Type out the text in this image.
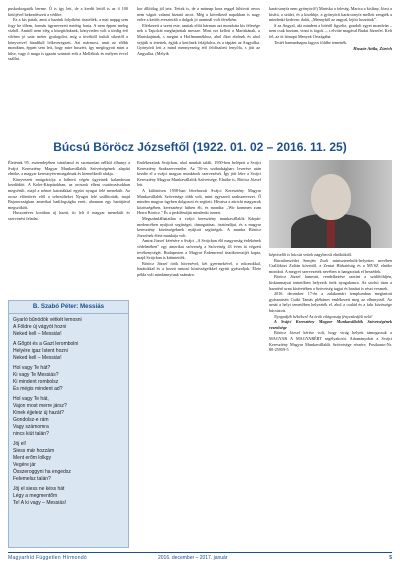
puskodozgatók berme. Ö is így lett, de a kredit lettől is az ő 100 kötöjével bekezdészett a védőre.

Ez a kis patak, amit a hazánk folyóként tisztelték, a mai nappg sem fogy be tőlem, formás ügynevezett medrig fonta. A nem éppen meleg vízből. Amitől nem elég a kisegítőnknek, könyveden volt a tördig érő vőrben jó száz méter gyalogolni, míg a tövéktől indult sikertől a könyveivel fáradtból lelkeceregzett. Azt mármost, amit az előbb mondtam, éppen sem lett, hogy mire huszért, így megfogyott mint a hűse, vagy ő maga is igazán szántott erőt a Mellékisk és mélyen évvel szállni.

kor állítólag jól tetz. Tettek is, de a másnap kora reggel kihívott orvos nem vágott valami biztató arcot. Még a következő napokban is nagy erőre a kettős ereszterált a dolgok jó urantnál volt férsékém.

Elérkezett a szent este, amitak előtt hárman azt mondotta kis félesége nek a Tapolcát meghajtottak messze. Most ezt kellett a Mariskának, a Mariskajúnak, s megint a Hoffmannékhoz, ahol őket elsőnek és ahol sejtjük is értettek, égjük a kettőnek felájdulva, és a tápjánt az Angyalka. Gyönyörű lett a mind mennyezetig érő feldíszített fenyőfa, s jött az Angyalka. (Melyik

karácsonyfa nem gyönyörű?) Mariska a feleség, Marica a kislány, Józsi a kisfiú, a szülei, és a kisebbje, a gyönyörű karácsonyfa mellett zengték a mindenki kedvenc dalát, „Mennyből az angyal, lejött hozzátok".

S az Angyal, aki mindent a hitéről figyelte, gondolt egyet mondván – nem csak hoztam, vinni is fogok –, s elvitte magával Budai Józsefet. Kelt fel, az öt hónapú Menyek Országába.

Testét harmadnapra fagyos földbe temették.

Huszár Attila, Zürich
Búcsú Böröcz Józseftől (1922. 01. 02 – 2016. 11. 25)

Életének 95. esztendejében váratlanul és szomorúan nélkül elhunyt a Svájci Keresztény Magyar Munkavállalók Szövetségének alapító elnöke, a magyar keresztyén-mozgalmak és kiemelkedő alakja.

Könyvezett emigrációja a háború végén ügyeinek kalandosan kezdődött. A Kelet-Kárpátokban, az oroszok elleni csatározásokban megsérült, majd a német katonákkal együtt nyugat felé menekült. Az orosz előretörés elől a sebesülteket Nyugat felé szállították, majd Bajorországban amerikai hadifogságba esett, ahonnan egy barátjával megszökött.

Huszonéves korában új hazát, itt lelt ő magyar menekült és szervezési feladat.

B. Szabó Péter: Messiás
Gyarló bűnödök vétkét lemosni
A Földre új vágyót hozni
Neked kell – Messiás!
A Gőgöt és a Gazt lerombolni
Helyére igaz Istent hozni
Neked kell – Messiás!
Hol vagy Te hát?
Ki vagy Te Messiás?
Ki mindent rombolsz
És mégis mindent ad?
Hol vagy Te hát,
Vajon most merre jársz?
Kinek éjjeleiz új hazát?
Gondolsz-e rám
Vagy számomra
nincs kiút talán?
Jöj el!
Siess már hozzám
Ment erőm lolkgy
Vegére jár
Összeroggyni ha engedsz
Felemelsz talán?
Jöj el siess ne késs hát
Légy a megmentőm
Te! A ki vagy – Messiás!

Emlékezzünk Svájcban, ahol munkát talált, 1950-ben belépett a Svájci Keresztény Szakszervezetbe. Az '56-os szabadságharc leverése után kezdte el a svájci magyar munkások szervezését. Így jött létre a Svájci Keresztény Magyar Munkavállalók Szövetsége. Elnöke is, Böröcz József lett.

A különösen 1958-ban létrehozott Svájci Keresztény Magyar Munkavállalók Szövetsége több volt, mint egyszerű szakszervezet. Ő minden magyar ügyben dolgozott és segített. Hívatva a zürichi magyarok közösségében, keresztényi hitben élt, és mondta: „Wir kommen zum Herrn Böröcz." És a problémáját mindenki ismeri.

Megszámlálhatatlan a svájci keresztény munkavállalók Kárpát-medencében nyújtott segítségei, támogatásai, ösztöndíjai, és a magyar keresztény közösségeknek nyújtott segítségek. A munka Böröcz Józsefnek élete munkája volt.

Amint József kérésére a Svájci „A Svájcban élő magyarság érdekének védelmében" egy amerikai szövetség a Szövetség 43 éven át végzett tevékenységét. Budapesten a Magyar Érdemrend tisztikeresztjét kapta, majd Svájcban is kitüntették.

Böröcz József örök hitvesével, két gyermekével, a rokonokkal, barátokkal és a hozzá tartozó közösségeikkel együtt gyászoljuk. Élete példa volt mindannyiunk számára.

képviselői is búcsút vettek nagybecsű elnöküktől.

Búcsúbeszédet Semjén Zsolt miniszterelnök-helyettes nevében Csallóközi Zoltán követtől, a Zentai Hírhatóság és a MVSZ elnöke mondott. A megyei szervezetek nevében is hangzottak el beszédek.

Böröcz József hamvait, rendelkezése szerint a szülőföldjén, kiskunmajsai temetőben helyezik örök nyugalomra. Az utolsó úton a hazatérő urna kíséretében a Szövetség tagjai és barátai is részt vesznek.

2016. december 17-én a zalakomári templomban megtartott gyászmisén Csáki Tamás plébános emlékezett meg az elhunytról. Az urnát a helyi temetőben helyezték el, ahol a család és a falu közössége búcsúzott.

Nyugodjék békében! Az örök világosság fényeskedjék neki!

A Svájci Keresztény Magyar Munkavállalók Szövetségének vezetősége

Böröcz József kérése volt, hogy virág helyett támogassuk a MAGYAR A MAGYARÉRT segélyakciót. Adományokat a Svájci Keresztény Magyar Munkavállalók Szövetsége részére, Postkonto-Nr. 80-25959-5

Magyarhíd Független Hírmondó	2016. december – 2017. január	5
